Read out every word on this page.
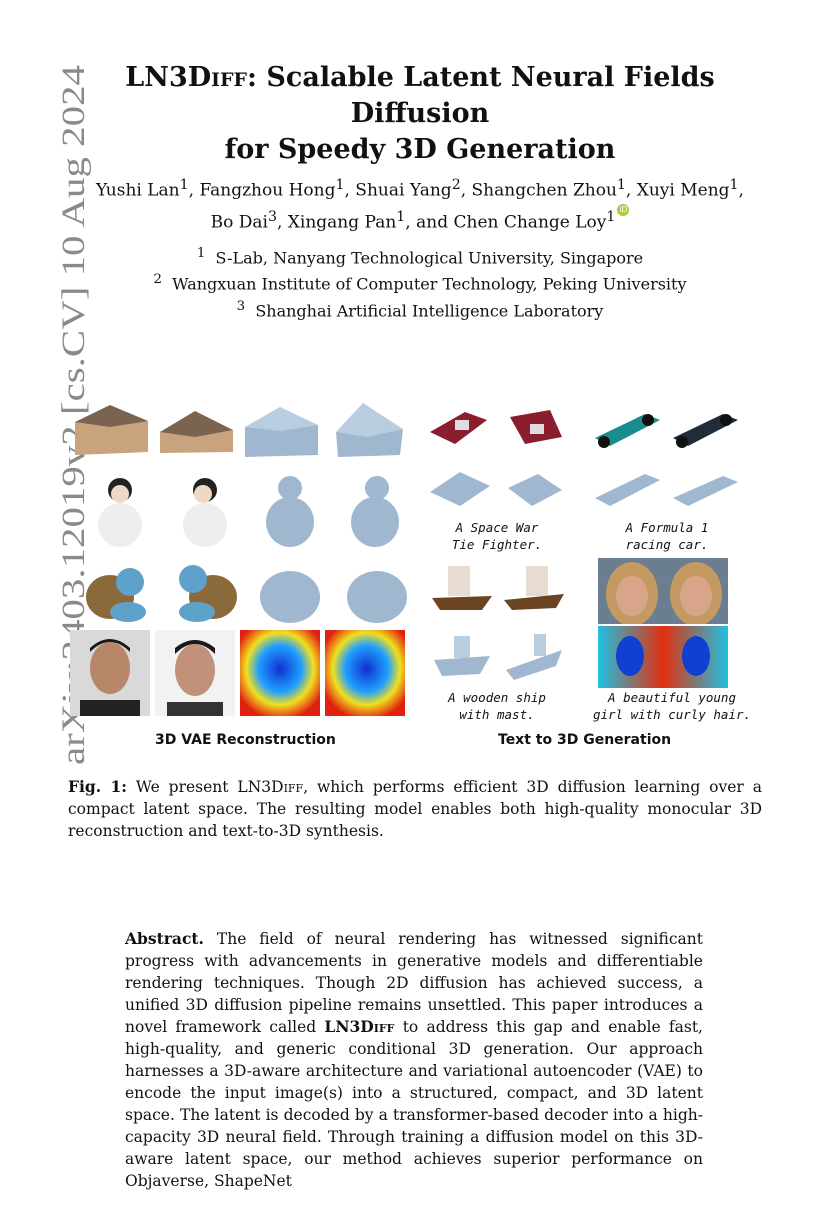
arXiv:2403.12019v2 [cs.CV] 10 Aug 2024
LN3Diff: Scalable Latent Neural Fields Diffusion
for Speedy 3D Generation
Yushi Lan$^1$, Fangzhou Hong$^1$, Shuai Yang$^2$, Shangchen Zhou$^1$, Xuyi Meng$^1$,
Bo Dai$^3$, Xingang Pan$^1$, and Chen Change Loy$^1$ iD
$^1$ S-Lab, Nanyang Technological University, Singapore
$^2$ Wangxuan Institute of Computer Technology, Peking University
$^3$ Shanghai Artificial Intelligence Laboratory
A Space War
Tie Fighter.
A Formula 1
racing car.
A wooden ship
with mast.
A beautiful young
girl with curly hair.
3D VAE Reconstruction	Text to 3D Generation
Fig. 1: We present LN3Diff, which performs efficient 3D diffusion learning over a compact latent space. The resulting model enables both high-quality monocular 3D reconstruction and text-to-3D synthesis.
Abstract. The field of neural rendering has witnessed significant progress with advancements in generative models and differentiable rendering techniques. Though 2D diffusion has achieved success, a unified 3D diffusion pipeline remains unsettled. This paper introduces a novel framework called LN3Diff to address this gap and enable fast, high-quality, and generic conditional 3D generation. Our approach harnesses a 3D-aware architecture and variational autoencoder (VAE) to encode the input image(s) into a structured, compact, and 3D latent space. The latent is decoded by a transformer-based decoder into a high-capacity 3D neural field. Through training a diffusion model on this 3D-aware latent space, our method achieves superior performance on Objaverse, ShapeNet
